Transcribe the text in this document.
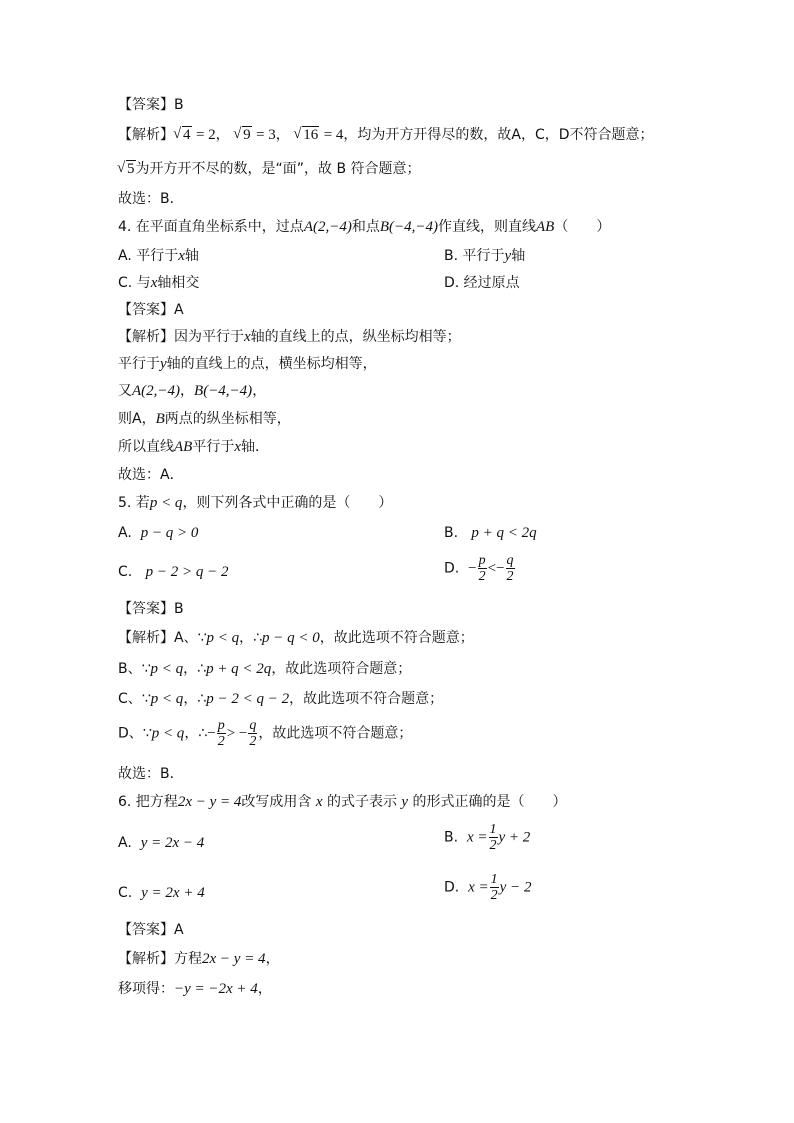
【答案】B
【解析】 √ 4 = 2， √ 9 = 3， √ 16 = 4，均为开方开得尽的数，故A，C，D不符合题意；
√ 5为开方开不尽的数，是“面”，故 B 符合题意；
故选：B．
4. 在平面直角坐标系中，过点A(2,−4)和点B(−4,−4)作直线，则直线AB（　　）
A. 平行于x轴	B. 平行于y轴
C. 与x轴相交	D. 经过原点
【答案】A
【解析】因为平行于x轴的直线上的点，纵坐标均相等；
平行于y轴的直线上的点，横坐标均相等，
又A(2,−4)，B(−4,−4)，
则A，B两点的纵坐标相等，
所以直线AB平行于x轴．
故选：A．
5. 若p < q，则下列各式中正确的是（　　）
A. p − q > 0	B. p + q < 2q
C. p − 2 > q − 2	D. − $\frac{p}{2} <- \frac{q}{2}$
【答案】B
【解析】A、∵p < q，∴p − q < 0，故此选项不符合题意；
B、∵p < q，∴p + q < 2q，故此选项符合题意；
C、∵p < q，∴p − 2 < q − 2，故此选项不符合题意；
D、∵p < q，∴− $\frac{p}{2}$ > − $\frac{q}{2}$ ，故此选项不符合题意；
故选：B．
6. 把方程2x − y = 4改写成用含 x 的式子表示 y 的形式正确的是（　　）
A. y = 2x − 4	B. $x = \frac{1}{2}$ y + 2
C. y = 2x + 4	D. $x = \frac{1}{2}$ y − 2
【答案】A
【解析】方程2x − y = 4，
移项得：−y = −2x + 4，
